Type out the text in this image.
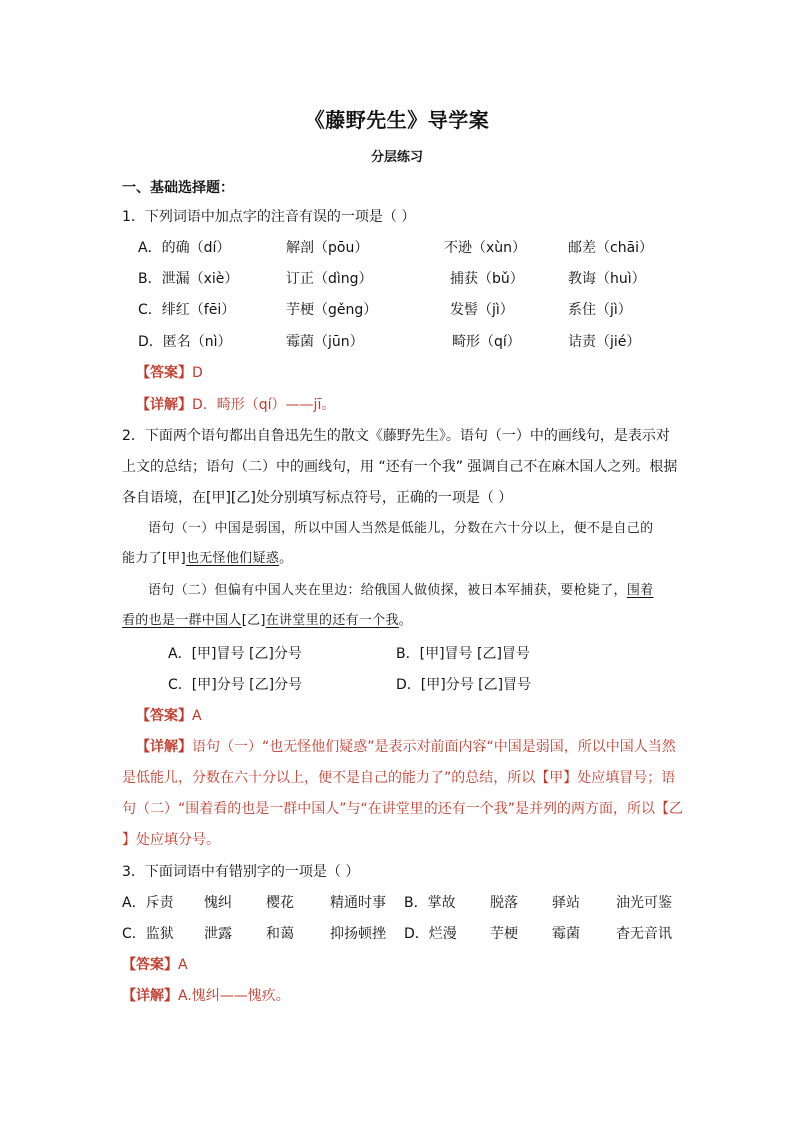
《藤野先生》导学案
分层练习
一、基础选择题：
1．下列词语中加点字的注音有误的一项是（ ）
A．的确（dí）	解剖（pōu）	不逊（xùn）	邮差（chāi）
B．泄漏（xiè）	订正（dìng）	捕获（bǔ）	教诲（huì）
C．绯红（fēi）	芋梗（gěng）	发髻（jì）	系住（jì）
D．匿名（nì）	霉菌（jūn）	畸形（qí）	诘责（jié）
【答案】D
【详解】D．畸形（qí）——jī。
2．下面两个语句都出自鲁迅先生的散文《藤野先生》。语句（一）中的画线句，是表示对
上文的总结；语句（二）中的画线句，用 “还有一个我” 强调自己不在麻木国人之列。根据
各自语境，在[甲][乙]处分别填写标点符号，正确的一项是（ ）
语句（一）中国是弱国，所以中国人当然是低能儿，分数在六十分以上，便不是自己的
能力了[甲]也无怪他们疑惑。
语句（二）但偏有中国人夹在里边：给俄国人做侦探，被日本军捕获，要枪毙了，围着
看的也是一群中国人[乙]在讲堂里的还有一个我。
A．[甲]冒号 [乙]分号	B．[甲]冒号 [乙]冒号
C．[甲]分号 [乙]分号	D．[甲]分号 [乙]冒号
【答案】A
【详解】语句（一）“也无怪他们疑惑”是表示对前面内容“中国是弱国，所以中国人当然
是低能儿，分数在六十分以上，便不是自己的能力了”的总结，所以【甲】处应填冒号；语
句（二）“围着看的也是一群中国人”与“在讲堂里的还有一个我”是并列的两方面，所以【乙
】处应填分号。
3．下面词语中有错别字的一项是（ ）
A．斥责 愧纠 樱花	精通时事 B．掌故 脱落 驿站	油光可鉴
C．监狱 泄露 和蔼	抑扬顿挫 D．烂漫 芋梗 霉菌	杳无音讯
【答案】A
【详解】A.愧纠——愧疚。
